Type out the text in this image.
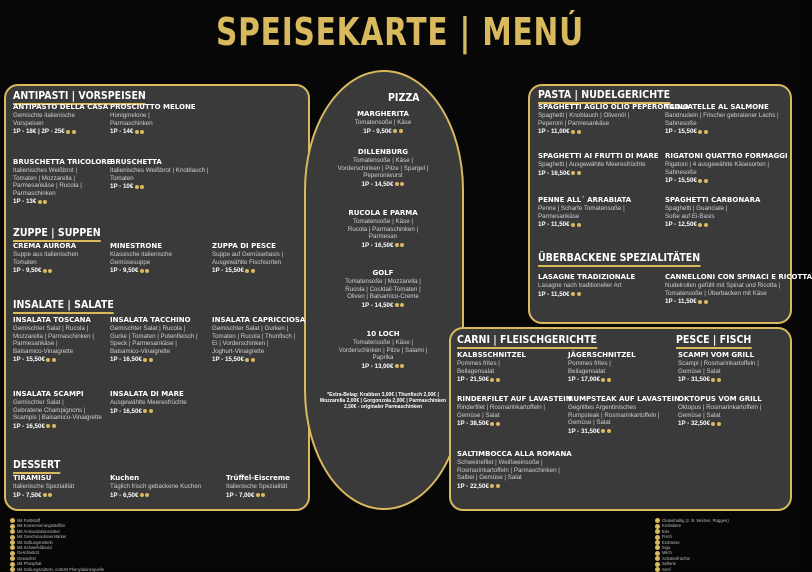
SPEISEKARTE | MENÚ
ANTIPASTI | VORSPEISEN
ZUPPE | SUPPEN
INSALATE | SALATE
DESSERT
PIZZA	PASTA | NUDELGERICHTE
ÜBERBACKENE SPEZIALITÄTEN
CARNI | FLEISCHGERICHTE	PESCE | FISCH
ANTIPASTO DELLA CASA
Gemischte italienische
Vorspeisen
1P - 18€ | 2P - 25€
PROSCIUTTO MELONE
Honigmelone |
Parmaschinken
1P - 14€
BRUSCHETTA TRICOLORE
Italienisches Weißbrot |
Tomaten | Mozzarella |
Parmesankäse | Rucola |
Parmaschinken
1P - 13€
BRUSCHETTA
Italienisches Weißbrot | Knoblauch |
Tomaten
1P - 10€
CREMA AURORA
Suppe aus italienischen
Tomaten
1P - 9,50€
MINESTRONE
Klassische italienische
Gemüsesuppe
1P - 9,50€
ZUPPA DI PESCE
Suppe auf Gemüsebasis |
Ausgewählte Fischsorten
1P - 15,50€
INSALATA TOSCANA
Gemischter Salat | Rucola |
Mozzarella | Parmaschinken |
Parmesankäse |
Balsamico-Vinaigrette
1P - 15,50€
INSALATA TACCHINO
Gemischter Salat | Rucola |
Gurke | Tomaten | Putenfleisch |
Speck | Parmesankäse |
Balsamico-Vinaigrette
1P - 16,50€
INSALATA CAPRICCIOSA
Gemischter Salat | Gurken |
Tomaten | Rucola | Thunfisch |
Ei | Vorderschinken |
Joghurt-Vinaigrette
1P - 15,50€
INSALATA SCAMPI
Gemischter Salat |
Gebratene Champignons |
Scampis | Balsamico-Vinaigrette
1P - 16,50€
INSALATA DI MARE
Ausgewählte Meeresfrüchte
1P - 16,50€
TIRAMISU
Italienische Spezialität
1P - 7,50€
Kuchen
Täglich frisch gebackene Kuchen
1P - 6,50€
Trüffel-Eiscreme
Italienische Spezialität
1P - 7,00€
MARGHERITA
Tomatensoße | Käse
1P - 9,50€
DILLENBURG
Tomatensoße | Käse |
Vorderschinken | Pilze | Spargel |
Peperoniwurst
1P - 14,50€
RUCOLA E PARMA
Tomatensoße | Käse |
Rucola | Parmaschinken |
Parmesan
1P - 16,50€
GOLF
Tomatensoße | Mozzarella |
Rucola | Cocktail-Tomaten |
Oliven | Balsamico-Creme
1P - 14,50€
10 LOCH
Tomatensoße | Käse |
Vorderschinken | Pilze | Salami |
Paprika
1P - 13,00€
SPAGHETTI AGLIO OLIO PEPERONCINO
Spaghetti | Knoblauch | Olivenöl |
Peperoni | Parmesankäse
1P - 11,00€
TAGLIATELLE AL SALMONE
Bandnudeln | Frischer gebratener Lachs |
Sahnesoße
1P - 15,50€
SPAGHETTI AI FRUTTI DI MARE
Spaghetti | Ausgewählte Meeresfrüchte
1P - 16,50€
RIGATONI QUATTRO FORMAGGI
Rigatoni | 4 ausgewählte Käsesorten |
Sahnesoße
1P - 15,50€
PENNE ALL´ ARRABIATA
Penne | Scharfe Tomatensoße |
Parmesankäse
1P - 11,50€
SPAGHETTI CARBONARA
Spaghetti | Guanciale |
Soße auf Ei-Basis
1P - 12,50€
LASAGNE TRADIZIONALE
Lasagne nach traditioneller Art
1P - 11,50€
CANNELLONI CON SPINACI E RICOTTA
Nudelrollen gefüllt mit Spinat und Ricotta |
Tomatensoße | Überbacken mit Käse
1P - 11,50€
KALBSSCHNITZEL
Pommes frites |
Beilagensalat
1P - 21,50€
JÄGERSCHNITZEL
Pommes frites |
Beilagensalat
1P - 17,00€
RINDERFILET AUF LAVASTEIN
Rinderfilet | Rosmarinkartoffeln |
Gemüse | Salat
1P - 38,50€
RUMPSTEAK AUF LAVASTEIN
Gegrilltes Argentinisches
Rumpsteak | Rosmarinkartoffeln |
Gemüse | Salat
1P - 31,50€
SALTIMBOCCA ALLA ROMANA
Schweinefilet | Weißweinsoße |
Rosmarinkartoffeln | Parmaschinken |
Salbei | Gemüse | Salat
1P - 22,50€
SCAMPI VOM GRILL
Scampi | Rosmarinkartoffeln |
Gemüse | Salat
1P - 31,50€
OKTOPUS VOM GRILL
Oktopus | Rosmarinkartoffeln |
Gemüse | Salat
1P - 32,50€
*Extra-Belag: Krabben 3,00€ | Thunfisch 2,00€ | Mozzarella 2,00€ | Gorgonzola 2,00€ | Parmaschinken 2,50€ - originaler Parmaschinken
Mit Farbstoff
Mit Konservierungsstoffen
Mit Antioxidationsmittel
Mit Geschmacksverstärker
Mit Süßungsmitteln
Mit Schwefeldioxid
Geschwärzt
Gewachst
Mit Phosphat
Mit Süßungsmitteln, enthält Phenylalaninquelle
Glutenhaltig (z. B. Weizen, Roggen)
Krebstiere
Eier
Fisch
Erdnüsse
Soja
Milch
Schalenfrüchte
Sellerie
Senf
